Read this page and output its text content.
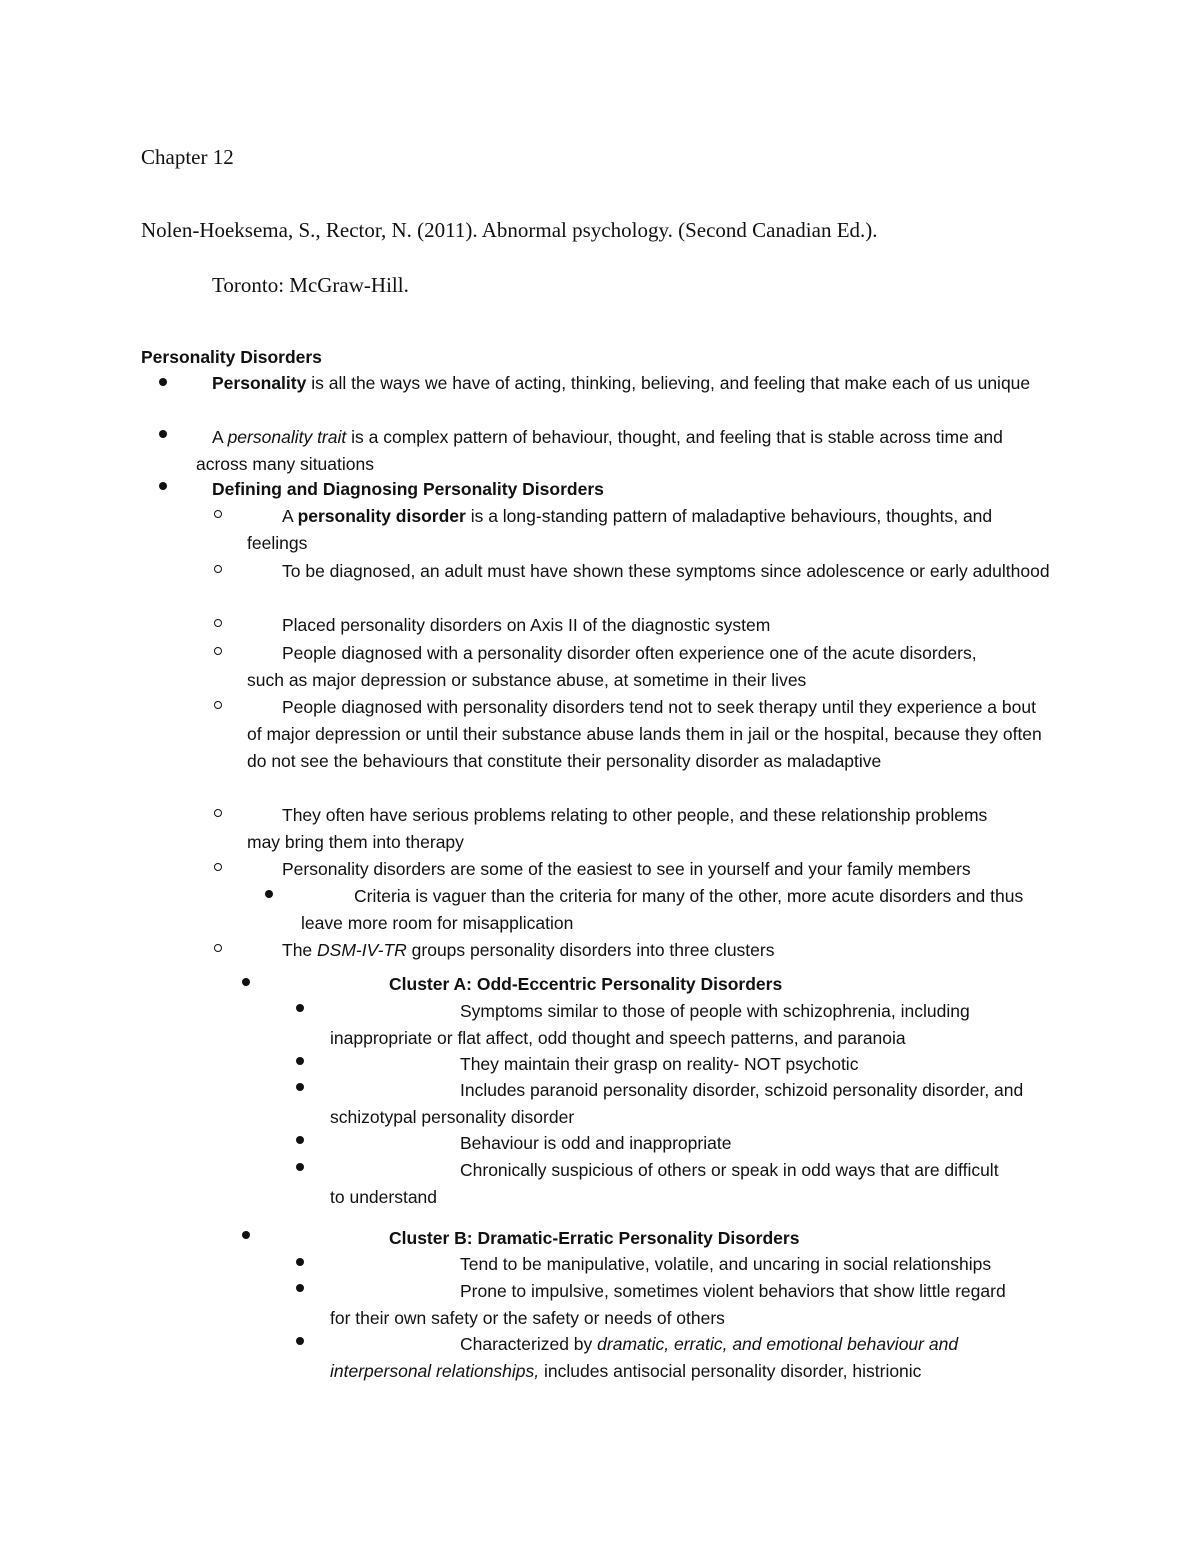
Chapter 12
Nolen-Hoeksema, S., Rector, N. (2011). Abnormal psychology. (Second Canadian Ed.).
Toronto: McGraw-Hill.
Personality Disorders
Personality is all the ways we have of acting, thinking, believing, and feeling that make each of us unique
A personality trait is a complex pattern of behaviour, thought, and feeling that is stable across time and across many situations
Defining and Diagnosing Personality Disorders
A personality disorder is a long-standing pattern of maladaptive behaviours, thoughts, and feelings
To be diagnosed, an adult must have shown these symptoms since adolescence or early adulthood
Placed personality disorders on Axis II of the diagnostic system
People diagnosed with a personality disorder often experience one of the acute disorders, such as major depression or substance abuse, at sometime in their lives
People diagnosed with personality disorders tend not to seek therapy until they experience a bout of major depression or until their substance abuse lands them in jail or the hospital, because they often do not see the behaviours that constitute their personality disorder as maladaptive
They often have serious problems relating to other people, and these relationship problems may bring them into therapy
Personality disorders are some of the easiest to see in yourself and your family members
Criteria is vaguer than the criteria for many of the other, more acute disorders and thus leave more room for misapplication
The DSM-IV-TR groups personality disorders into three clusters
Cluster A: Odd-Eccentric Personality Disorders
Symptoms similar to those of people with schizophrenia, including inappropriate or flat affect, odd thought and speech patterns, and paranoia
They maintain their grasp on reality- NOT psychotic
Includes paranoid personality disorder, schizoid personality disorder, and schizotypal personality disorder
Behaviour is odd and inappropriate
Chronically suspicious of others or speak in odd ways that are difficult to understand
Cluster B: Dramatic-Erratic Personality Disorders
Tend to be manipulative, volatile, and uncaring in social relationships
Prone to impulsive, sometimes violent behaviors that show little regard for their own safety or the safety or needs of others
Characterized by dramatic, erratic, and emotional behaviour and interpersonal relationships, includes antisocial personality disorder, histrionic
